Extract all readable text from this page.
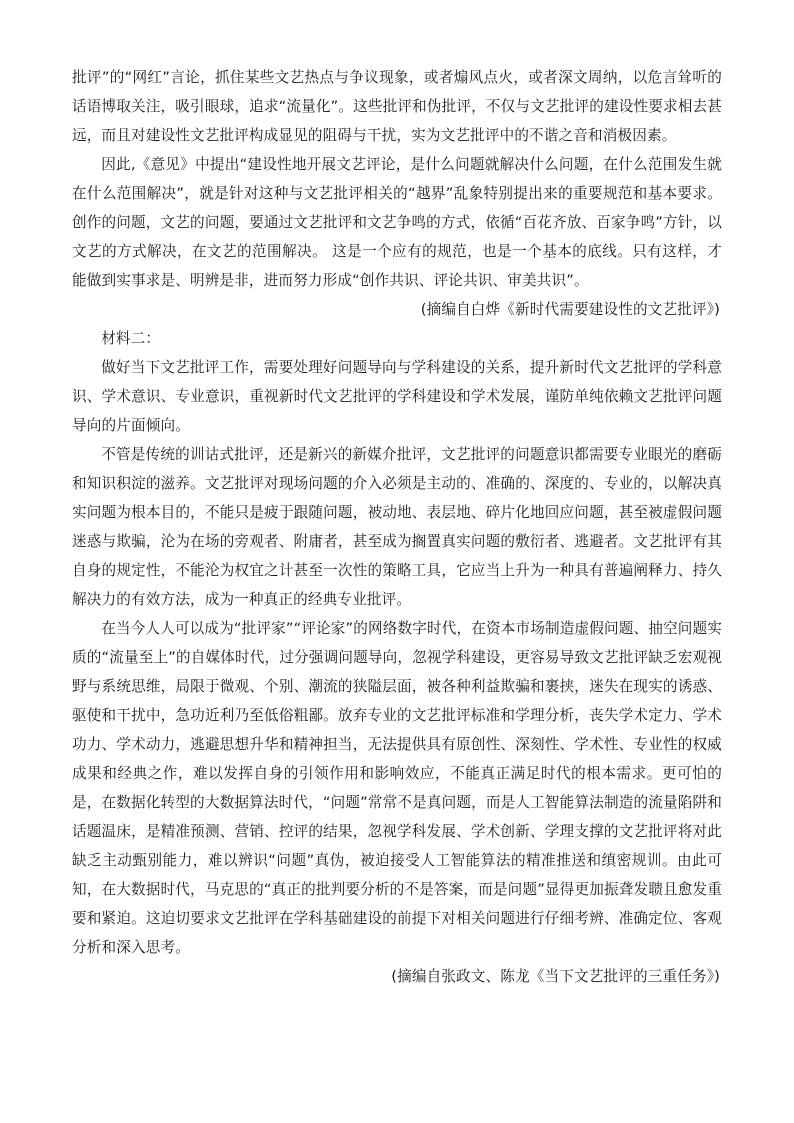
批评”的“网红”言论，抓住某些文艺热点与争议现象，或者煽风点火，或者深文周纳，以危言耸听的话语博取关注，吸引眼球，追求“流量化”。这些批评和伪批评，不仅与文艺批评的建设性要求相去甚远，而且对建设性文艺批评构成显见的阻碍与干扰，实为文艺批评中的不谐之音和消极因素。

因此,《意见》中提出“建设性地开展文艺评论，是什么问题就解决什么问题，在什么范围发生就在什么范围解决”，就是针对这种与文艺批评相关的“越界”乱象特别提出来的重要规范和基本要求。创作的问题，文艺的问题，要通过文艺批评和文艺争鸣的方式，依循“百花齐放、百家争鸣”方针，以文艺的方式解决，在文艺的范围解决。 这是一个应有的规范，也是一个基本的底线。只有这样，才能做到实事求是、明辨是非，进而努力形成“创作共识、评论共识、审美共识”。

(摘编自白烨《新时代需要建设性的文艺批评》)

材料二：

做好当下文艺批评工作，需要处理好问题导向与学科建设的关系，提升新时代文艺批评的学科意识、学术意识、专业意识，重视新时代文艺批评的学科建设和学术发展，谨防单纯依赖文艺批评问题导向的片面倾向。

不管是传统的训诂式批评，还是新兴的新媒介批评，文艺批评的问题意识都需要专业眼光的磨砺和知识积淀的滋养。文艺批评对现场问题的介入必须是主动的、准确的、深度的、专业的，以解决真实问题为根本目的，不能只是疲于跟随问题，被动地、表层地、碎片化地回应问题，甚至被虚假问题迷惑与欺骗，沦为在场的旁观者、附庸者，甚至成为搁置真实问题的敷衍者、逃避者。文艺批评有其自身的规定性，不能沦为权宜之计甚至一次性的策略工具，它应当上升为一种具有普遍阐释力、持久解决力的有效方法，成为一种真正的经典专业批评。

在当今人人可以成为“批评家”“评论家”的网络数字时代，在资本市场制造虚假问题、抽空问题实质的“流量至上”的自媒体时代，过分强调问题导向，忽视学科建设，更容易导致文艺批评缺乏宏观视野与系统思维，局限于微观、个别、潮流的狭隘层面，被各种利益欺骗和裹挟，迷失在现实的诱惑、驱使和干扰中，急功近利乃至低俗粗鄙。放弃专业的文艺批评标准和学理分析，丧失学术定力、学术功力、学术动力，逃避思想升华和精神担当，无法提供具有原创性、深刻性、学术性、专业性的权威成果和经典之作，难以发挥自身的引领作用和影响效应，不能真正满足时代的根本需求。更可怕的是，在数据化转型的大数据算法时代，“问题”常常不是真问题，而是人工智能算法制造的流量陷阱和话题温床，是精准预测、营销、控评的结果，忽视学科发展、学术创新、学理支撑的文艺批评将对此缺乏主动甄别能力，难以辨识“问题”真伪，被迫接受人工智能算法的精准推送和缜密规训。由此可知，在大数据时代，马克思的“真正的批判要分析的不是答案，而是问题”显得更加振聋发聩且愈发重要和紧迫。这迫切要求文艺批评在学科基础建设的前提下对相关问题进行仔细考辨、准确定位、客观分析和深入思考。

(摘编自张政文、陈龙《当下文艺批评的三重任务》)
